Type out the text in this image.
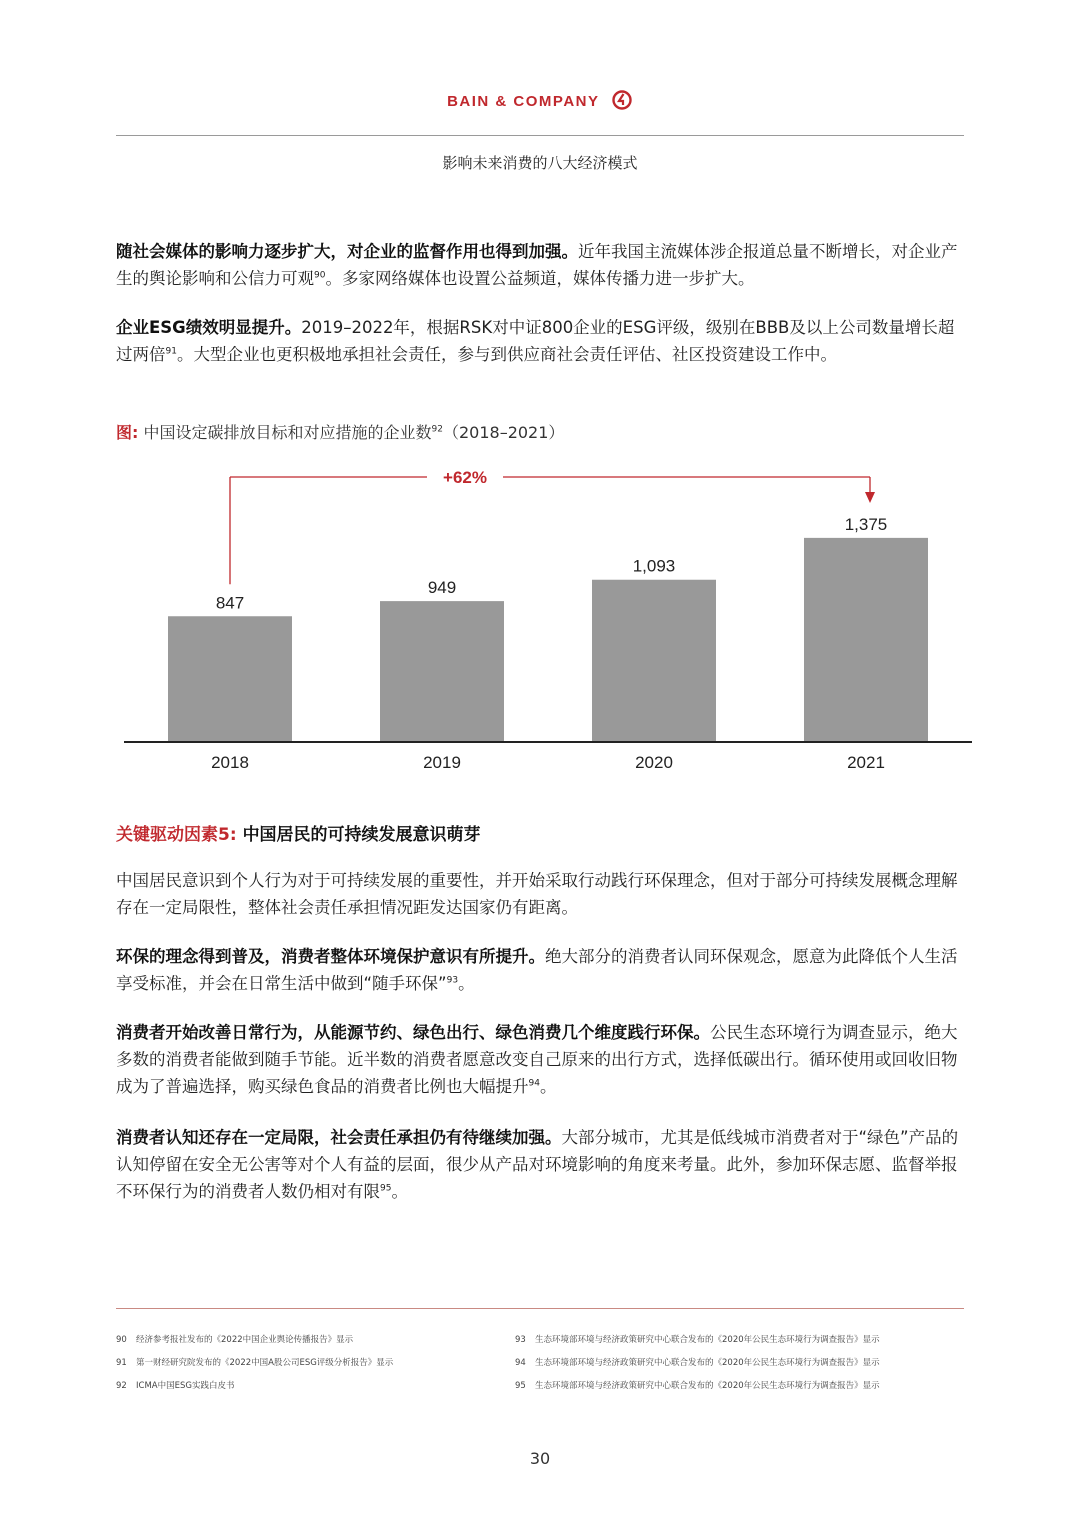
BAIN & COMPANY
影响未来消费的八大经济模式

随社会媒体的影响力逐步扩大，对企业的监督作用也得到加强。近年我国主流媒体涉企报道总量不断增长，对企业产生的舆论影响和公信力可观$^{90}$。多家网络媒体也设置公益频道，媒体传播力进一步扩大。

企业ESG绩效明显提升。2019–2022年，根据RSK对中证800企业的ESG评级，级别在BBB及以上公司数量增长超过两倍$^{91}$。大型企业也更积极地承担社会责任，参与到供应商社会责任评估、社区投资建设工作中。

图: 中国设定碳排放目标和对应措施的企业数$^{92}$（2018–2021）
847
2018
949
2019
1,093
2020
1,375
2021
+62%
关键驱动因素5: 中国居民的可持续发展意识萌芽

中国居民意识到个人行为对于可持续发展的重要性，并开始采取行动践行环保理念，但对于部分可持续发展概念理解存在一定局限性，整体社会责任承担情况距发达国家仍有距离。

环保的理念得到普及，消费者整体环境保护意识有所提升。绝大部分的消费者认同环保观念，愿意为此降低个人生活享受标准，并会在日常生活中做到“随手环保”$^{93}$。

消费者开始改善日常行为，从能源节约、绿色出行、绿色消费几个维度践行环保。公民生态环境行为调查显示，绝大多数的消费者能做到随手节能。近半数的消费者愿意改变自己原来的出行方式，选择低碳出行。循环使用或回收旧物成为了普遍选择，购买绿色食品的消费者比例也大幅提升$^{94}$。

消费者认知还存在一定局限，社会责任承担仍有待继续加强。大部分城市，尤其是低线城市消费者对于“绿色”产品的认知停留在安全无公害等对个人有益的层面，很少从产品对环境影响的角度来考量。此外，参加环保志愿、监督举报不环保行为的消费者人数仍相对有限$^{95}$。

90 经济参考报社发布的《2022中国企业舆论传播报告》显示
91 第一财经研究院发布的《2022中国A股公司ESG评级分析报告》显示
92 ICMA中国ESG实践白皮书
93 生态环境部环境与经济政策研究中心联合发布的《2020年公民生态环境行为调查报告》显示
94 生态环境部环境与经济政策研究中心联合发布的《2020年公民生态环境行为调查报告》显示
95 生态环境部环境与经济政策研究中心联合发布的《2020年公民生态环境行为调查报告》显示
30
